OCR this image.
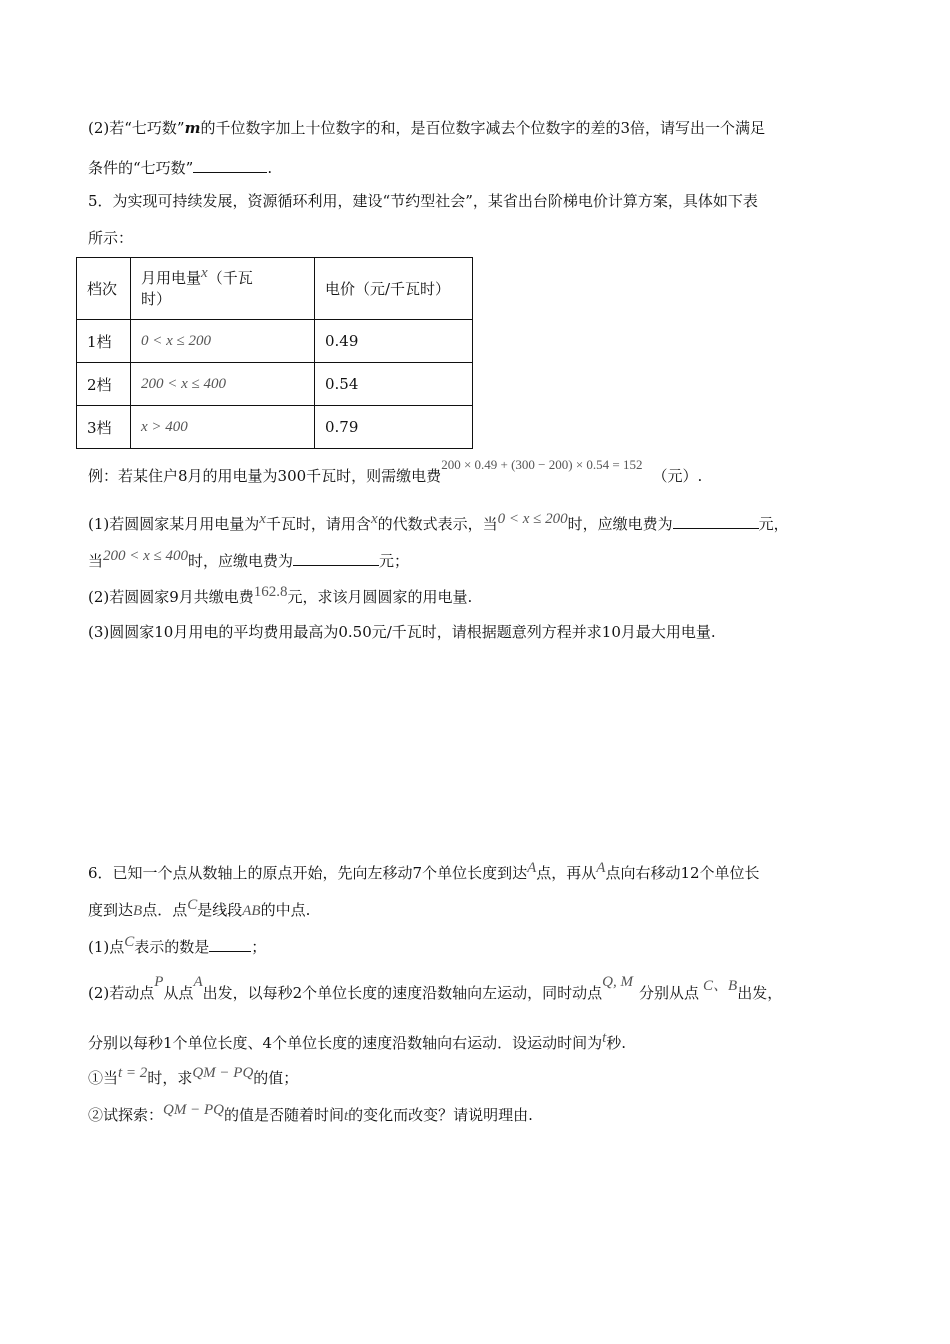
(2)若“七巧数”m的千位数字加上十位数字的和，是百位数字减去个位数字的差的3倍，请写出一个满足
条件的“七巧数”	.
5．为实现可持续发展，资源循环利用，建设“节约型社会”，某省出台阶梯电价计算方案，具体如下表
所示：
档次	月用电量x（千瓦
时）	电价（元/千瓦时）
1档	0 < x ≤ 200	0.49
2档	200 < x ≤ 400	0.54
3档	x > 400	0.79
例：若某住户8月的用电量为300千瓦时，则需缴电费200 × 0.49 + (300 − 200) × 0.54 = 152（元）.
(1)若圆圆家某月用电量为x千瓦时，请用含x的代数式表示，当0 < x ≤ 200时，应缴电费为	元，
当200 < x ≤ 400时，应缴电费为	元；
(2)若圆圆家9月共缴电费162.8元，求该月圆圆家的用电量.
(3)圆圆家10月用电的平均费用最高为0.50元/千瓦时，请根据题意列方程并求10月最大用电量.
6．已知一个点从数轴上的原点开始，先向左移动7个单位长度到达A点，再从A点向右移动12个单位长
度到达B点．点C是线段AB的中点.
(1)点C表示的数是	；
(2)若动点P从点A出发，以每秒2个单位长度的速度沿数轴向左运动，同时动点Q, M分别从点 C、B出发，
分别以每秒1个单位长度、4个单位长度的速度沿数轴向右运动．设运动时间为t秒.
①当t = 2时，求QM − PQ的值；
②试探索：QM − PQ的值是否随着时间t的变化而改变？请说明理由.
